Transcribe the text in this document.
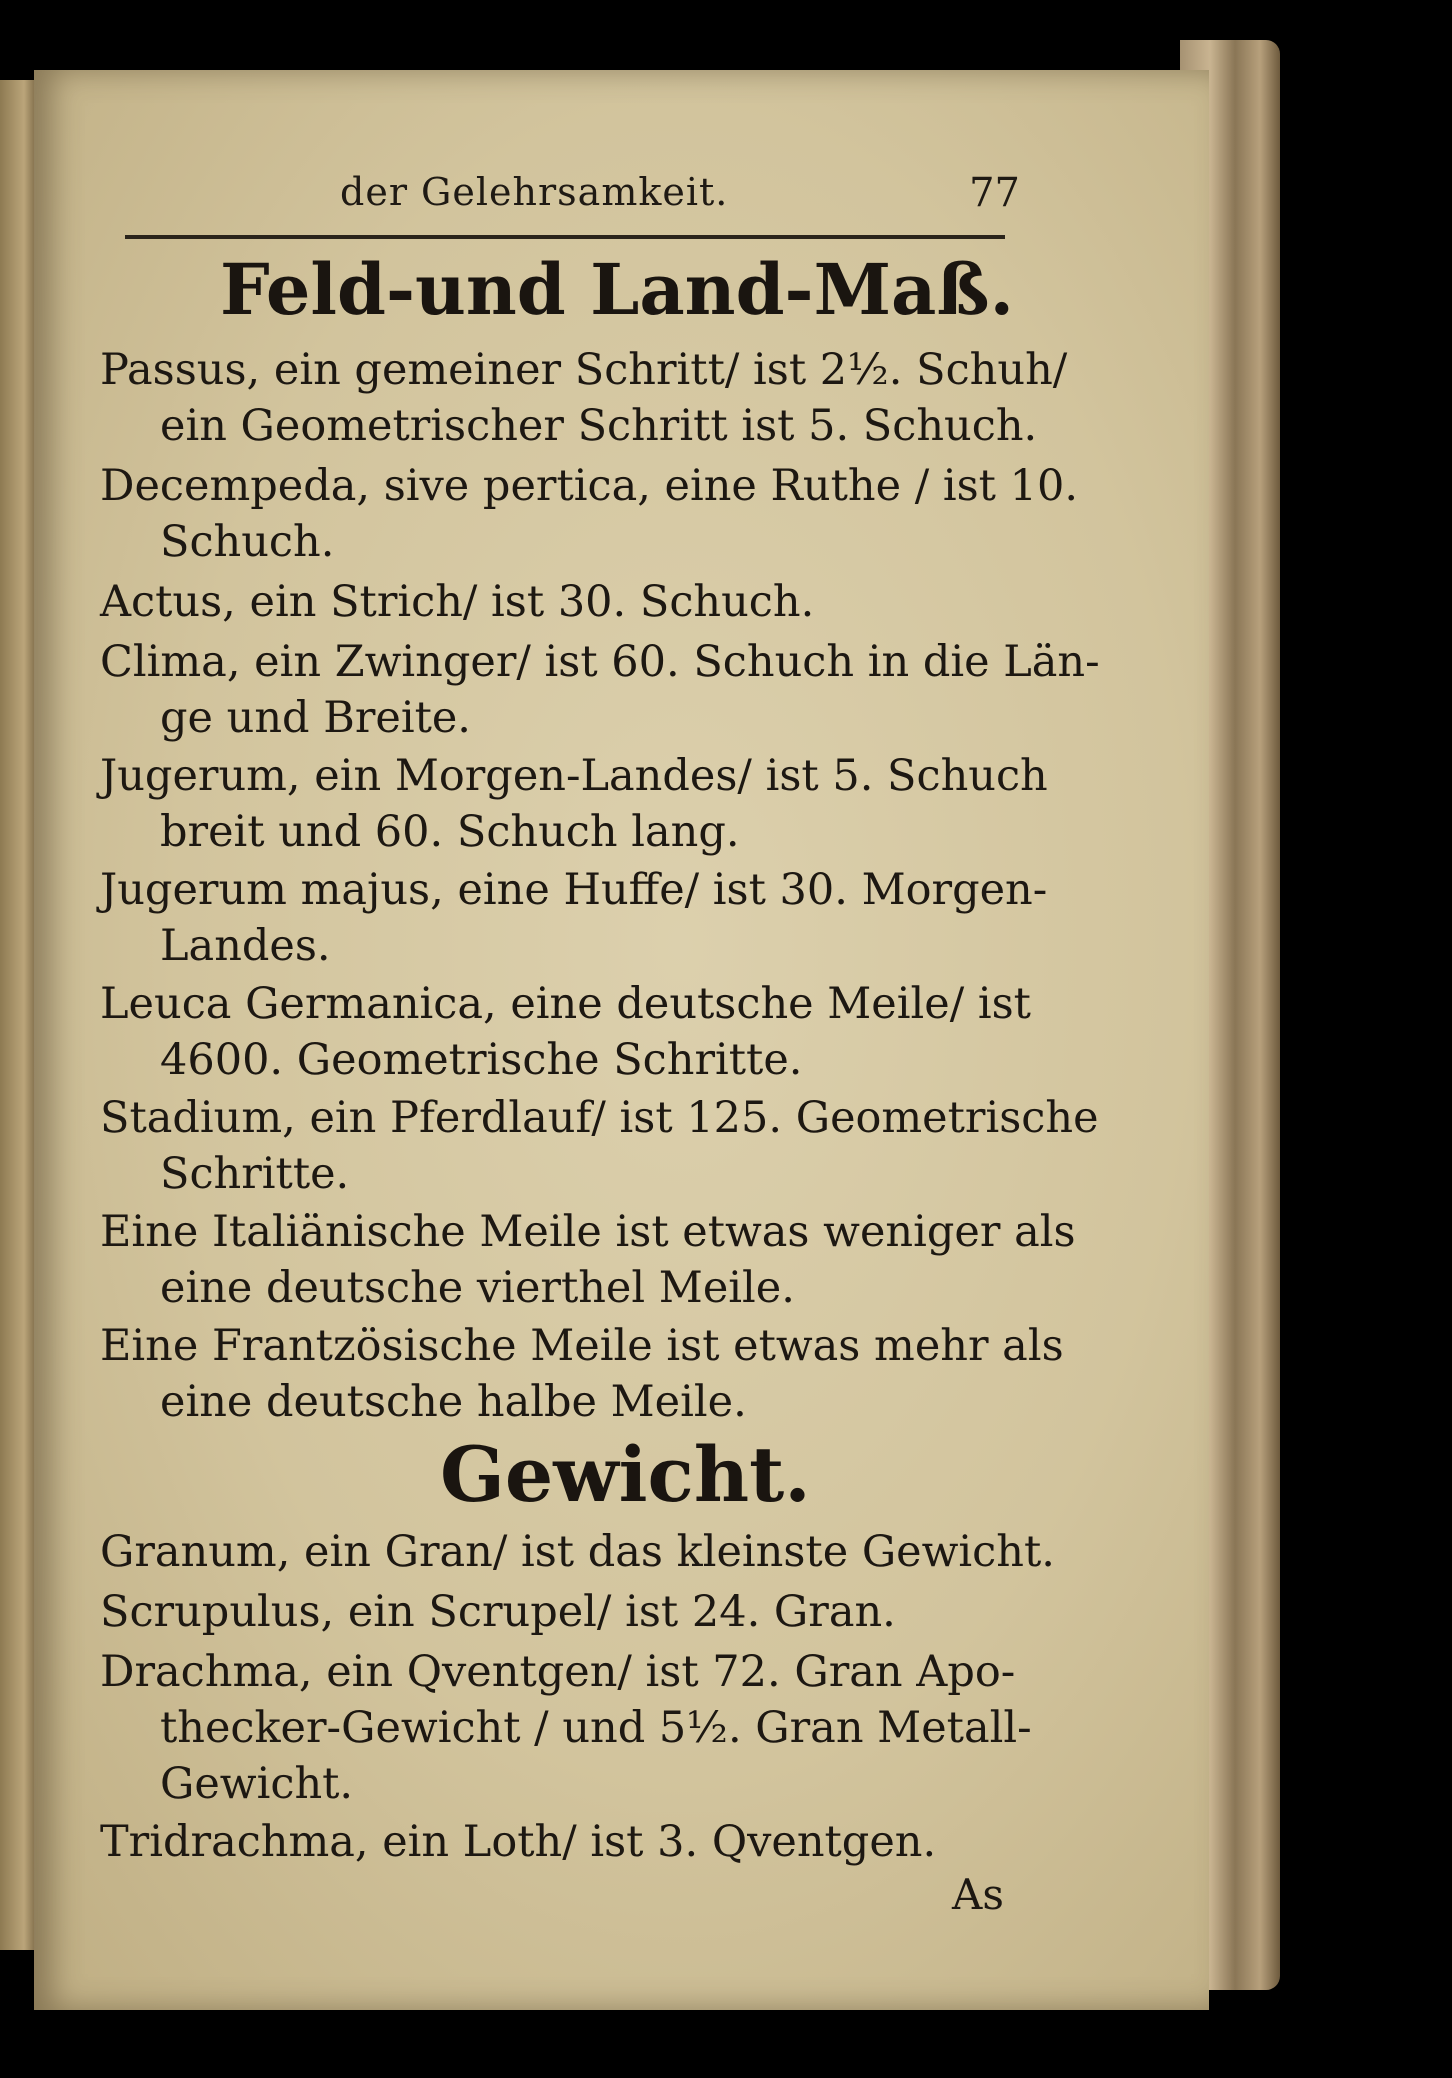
der Gelehrsamkeit.	77
Feld-und Land-Maß.
Passus, ein gemeiner Schritt/ ist 2½. Schuh/
ein Geometrischer Schritt ist 5. Schuch.
Decempeda, sive pertica, eine Ruthe / ist 10.
Schuch.
Actus, ein Strich/ ist 30. Schuch.
Clima, ein Zwinger/ ist 60. Schuch in die Län-
ge und Breite.
Jugerum, ein Morgen-Landes/ ist 5. Schuch
breit und 60. Schuch lang.
Jugerum majus, eine Huffe/ ist 30. Morgen-
Landes.
Leuca Germanica, eine deutsche Meile/ ist
4600. Geometrische Schritte.
Stadium, ein Pferdlauf/ ist 125. Geometrische
Schritte.
Eine Italiänische Meile ist etwas weniger als
eine deutsche vierthel Meile.
Eine Frantzösische Meile ist etwas mehr als
eine deutsche halbe Meile.
Gewicht.
Granum, ein Gran/ ist das kleinste Gewicht.
Scrupulus, ein Scrupel/ ist 24. Gran.
Drachma, ein Qventgen/ ist 72. Gran Apo-
thecker-Gewicht / und 5½. Gran Metall-
Gewicht.
Tridrachma, ein Loth/ ist 3. Qventgen.
As
